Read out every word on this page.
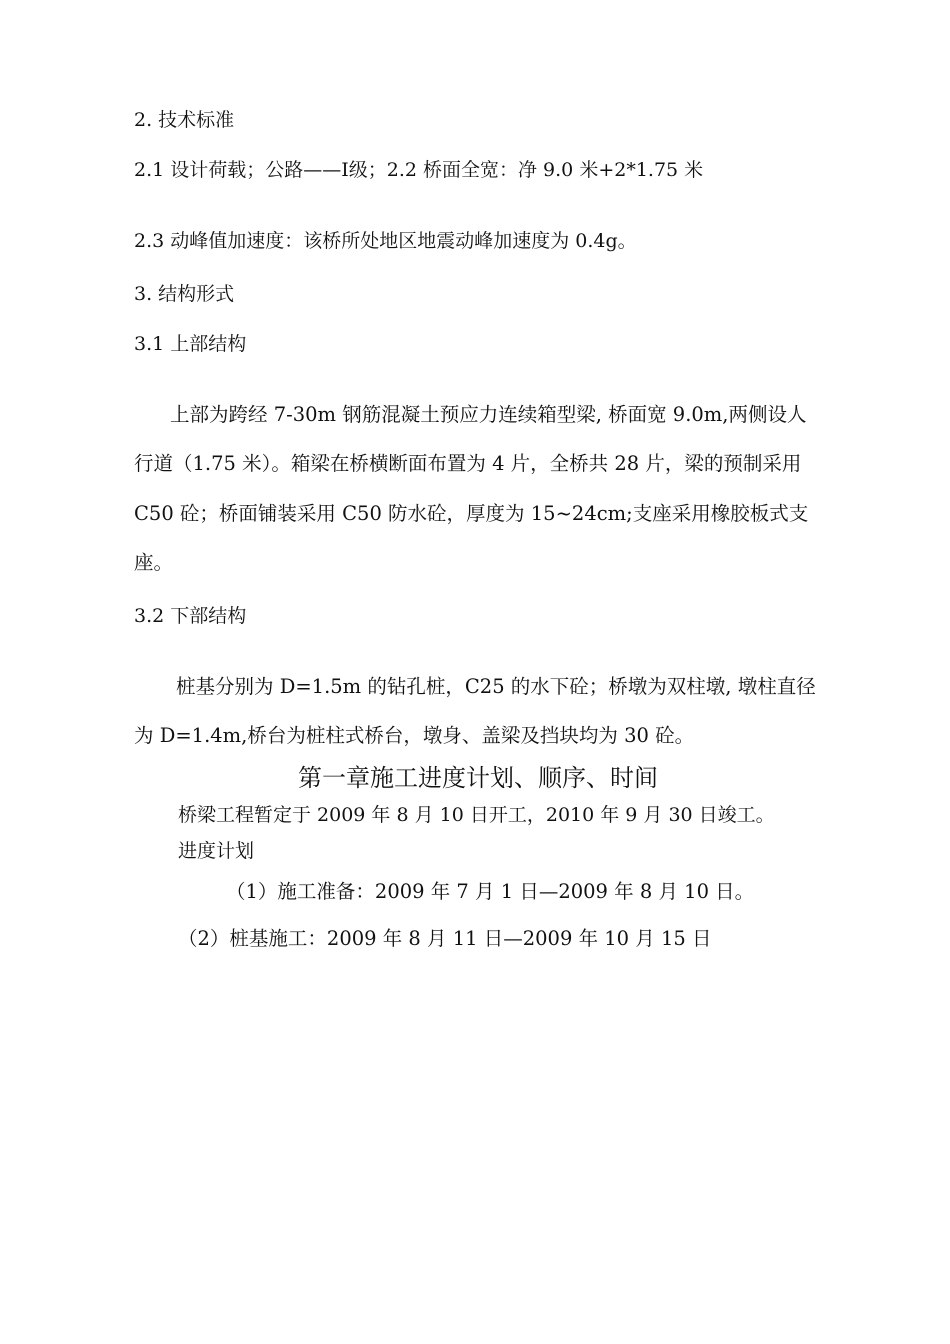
2. 技术标准
2.1 设计荷载；公路——Ⅰ级；2.2 桥面全宽：净 9.0 米+2*1.75 米
2.3 动峰值加速度：该桥所处地区地震动峰加速度为 0.4g。
3. 结构形式
3.1 上部结构
上部为跨经 7-30m 钢筋混凝土预应力连续箱型梁, 桥面宽 9.0m,两侧设人
行道（1.75 米）。箱梁在桥横断面布置为 4 片，全桥共 28 片，梁的预制采用
C50 砼；桥面铺装采用 C50 防水砼，厚度为 15~24cm;支座采用橡胶板式支
座。
3.2 下部结构
桩基分别为 D=1.5m 的钻孔桩，C25 的水下砼；桥墩为双柱墩, 墩柱直径
为 D=1.4m,桥台为桩柱式桥台，墩身、盖梁及挡块均为 30 砼。
第一章施工进度计划、顺序、时间
桥梁工程暂定于 2009 年 8 月 10 日开工，2010 年 9 月 30 日竣工。
进度计划
（1）施工准备：2009 年 7 月 1 日—2009 年 8 月 10 日。
（2）桩基施工：2009 年 8 月 11 日—2009 年 10 月 15 日
